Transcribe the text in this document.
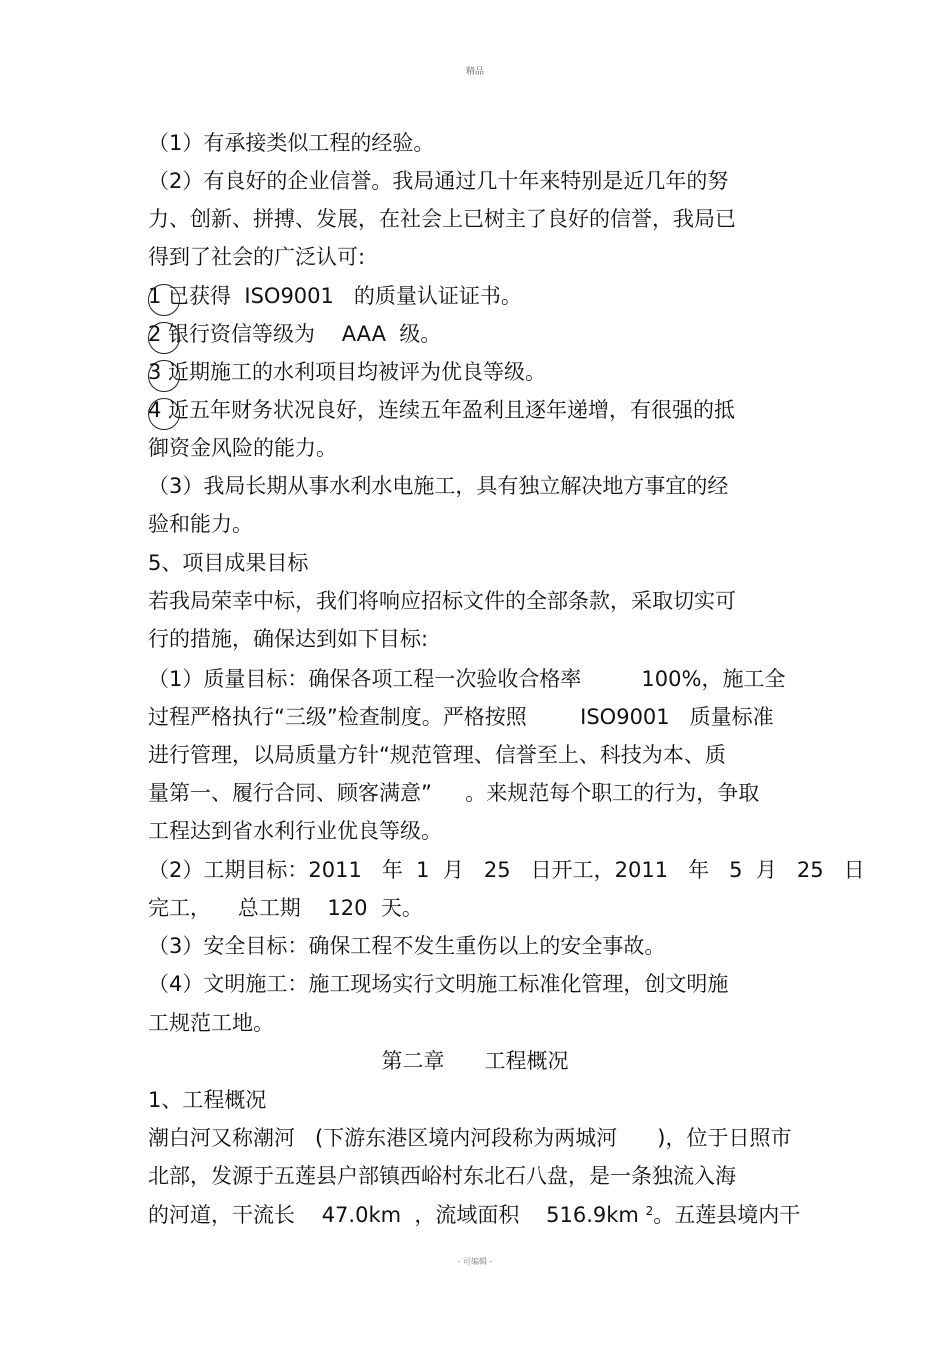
精品
（1）有承接类似工程的经验。
（2）有良好的企业信誉。我局通过几十年来特别是近几年的努
力、创新、拼搏、发展，在社会上已树主了良好的信誉，我局已
得到了社会的广泛认可:
1 已获得  ISO9001   的质量认证证书。
2 银行资信等级为    AAA  级。
3 近期施工的水利项目均被评为优良等级。
4 近五年财务状况良好，连续五年盈利且逐年递增，有很强的抵
御资金风险的能力。
（3）我局长期从事水利水电施工，具有独立解决地方事宜的经
验和能力。
5、项目成果目标
若我局荣幸中标，我们将响应招标文件的全部条款，采取切实可
行的措施，确保达到如下目标:
（1）质量目标：确保各项工程一次验收合格率         100%，施工全
过程严格执行“三级”检查制度。严格按照        ISO9001   质量标准
进行管理，以局质量方针“规范管理、信誉至上、科技为本、质
量第一、履行合同、顾客满意”     。来规范每个职工的行为，争取
工程达到省水利行业优良等级。
（2）工期目标：2011   年  1  月   25   日开工，2011   年   5  月   25   日
完工，    总工期    120  天。
（3）安全目标：确保工程不发生重伤以上的安全事故。
（4）文明施工：施工现场实行文明施工标准化管理，创文明施
工规范工地。
第二章      工程概况
1、工程概况
潮白河又称潮河   (下游东港区境内河段称为两城河      )，位于日照市
北部，发源于五莲县户部镇西峪村东北石八盘，是一条独流入海
的河道，干流长    47.0km  ，流域面积    516.9km $^2$。五莲县境内干
- 可编辑 -
